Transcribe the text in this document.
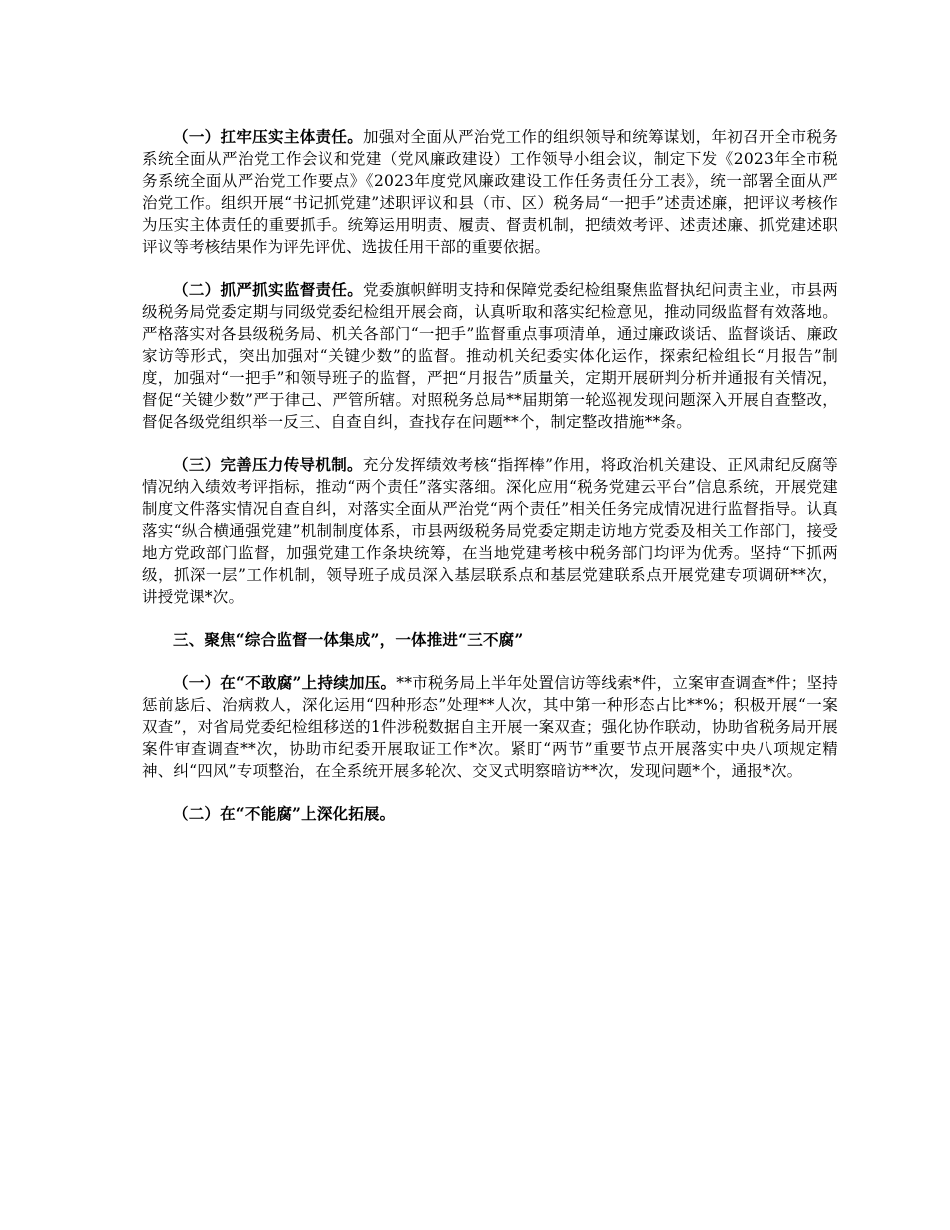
（一）扛牢压实主体责任。加强对全面从严治党工作的组织领导和统筹谋划，年初召开全市税务系统全面从严治党工作会议和党建（党风廉政建设）工作领导小组会议，制定下发《2023年全市税务系统全面从严治党工作要点》《2023年度党风廉政建设工作任务责任分工表》，统一部署全面从严治党工作。组织开展“书记抓党建”述职评议和县（市、区）税务局“一把手”述责述廉，把评议考核作为压实主体责任的重要抓手。统筹运用明责、履责、督责机制，把绩效考评、述责述廉、抓党建述职评议等考核结果作为评先评优、选拔任用干部的重要依据。

（二）抓严抓实监督责任。党委旗帜鲜明支持和保障党委纪检组聚焦监督执纪问责主业，市县两级税务局党委定期与同级党委纪检组开展会商，认真听取和落实纪检意见，推动同级监督有效落地。严格落实对各县级税务局、机关各部门“一把手”监督重点事项清单，通过廉政谈话、监督谈话、廉政家访等形式，突出加强对“关键少数”的监督。推动机关纪委实体化运作，探索纪检组长“月报告”制度，加强对“一把手”和领导班子的监督，严把“月报告”质量关，定期开展研判分析并通报有关情况，督促“关键少数”严于律己、严管所辖。对照税务总局**届期第一轮巡视发现问题深入开展自查整改，督促各级党组织举一反三、自查自纠，查找存在问题**个，制定整改措施**条。

（三）完善压力传导机制。充分发挥绩效考核“指挥棒”作用，将政治机关建设、正风肃纪反腐等情况纳入绩效考评指标，推动“两个责任”落实落细。深化应用“税务党建云平台”信息系统，开展党建制度文件落实情况自查自纠，对落实全面从严治党“两个责任”相关任务完成情况进行监督指导。认真落实“纵合横通强党建”机制制度体系，市县两级税务局党委定期走访地方党委及相关工作部门，接受地方党政部门监督，加强党建工作条块统筹，在当地党建考核中税务部门均评为优秀。坚持“下抓两级，抓深一层”工作机制，领导班子成员深入基层联系点和基层党建联系点开展党建专项调研**次，讲授党课*次。

三、聚焦“综合监督一体集成”，一体推进“三不腐”

（一）在“不敢腐”上持续加压。**市税务局上半年处置信访等线索*件，立案审查调查*件；坚持惩前毖后、治病救人，深化运用“四种形态”处理**人次，其中第一种形态占比**%；积极开展“一案双查”，对省局党委纪检组移送的1件涉税数据自主开展一案双查；强化协作联动，协助省税务局开展案件审查调查**次，协助市纪委开展取证工作*次。紧盯“两节”重要节点开展落实中央八项规定精神、纠“四风”专项整治，在全系统开展多轮次、交叉式明察暗访**次，发现问题*个，通报*次。

（二）在“不能腐”上深化拓展。
